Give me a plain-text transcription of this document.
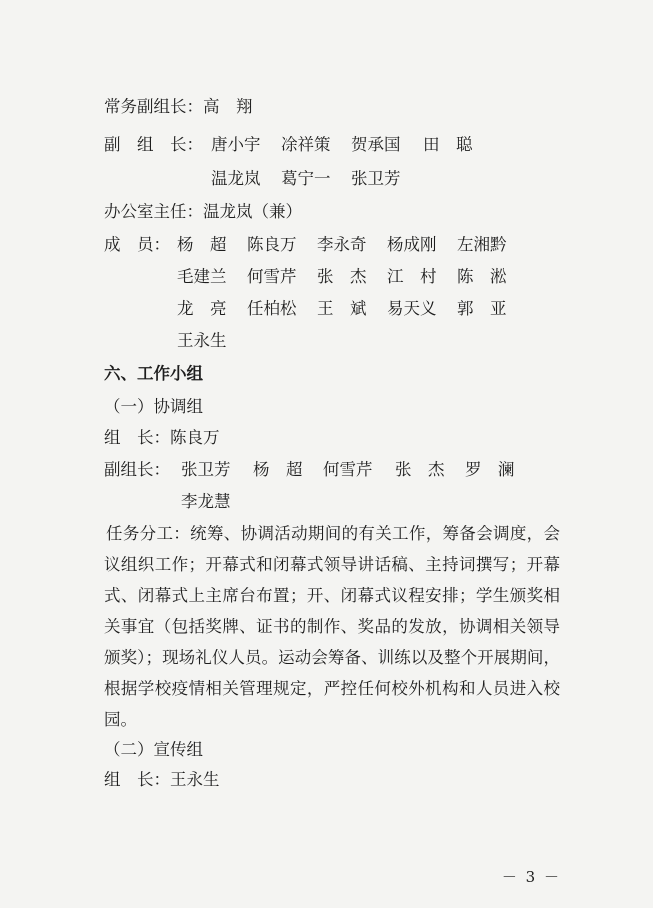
常务副组长：高　翔
副　组　长： 唐小宇 凃祥策 贺承国 田　聪
温龙岚 葛宁一 张卫芳
办公室主任：温龙岚（兼）
成　员： 杨　超 陈良万 李永奇 杨成刚 左湘黔
毛建兰 何雪芹 张　杰 江　村 陈　淞
龙　亮 任柏松 王　斌 易天义 郭　亚
王永生
六、工作小组
（一）协调组
组　长：陈良万
副组长： 张卫芳 杨　超 何雪芹 张　杰 罗　澜
李龙慧
任务分工：统筹、协调活动期间的有关工作，筹备会调度，会议组织工作；开幕式和闭幕式领导讲话稿、主持词撰写；开幕式、闭幕式上主席台布置；开、闭幕式议程安排；学生颁奖相关事宜（包括奖牌、证书的制作、奖品的发放，协调相关领导颁奖）；现场礼仪人员。运动会筹备、训练以及整个开展期间，根据学校疫情相关管理规定，严控任何校外机构和人员进入校园。
（二）宣传组
组　长：王永生
－ 3 －
